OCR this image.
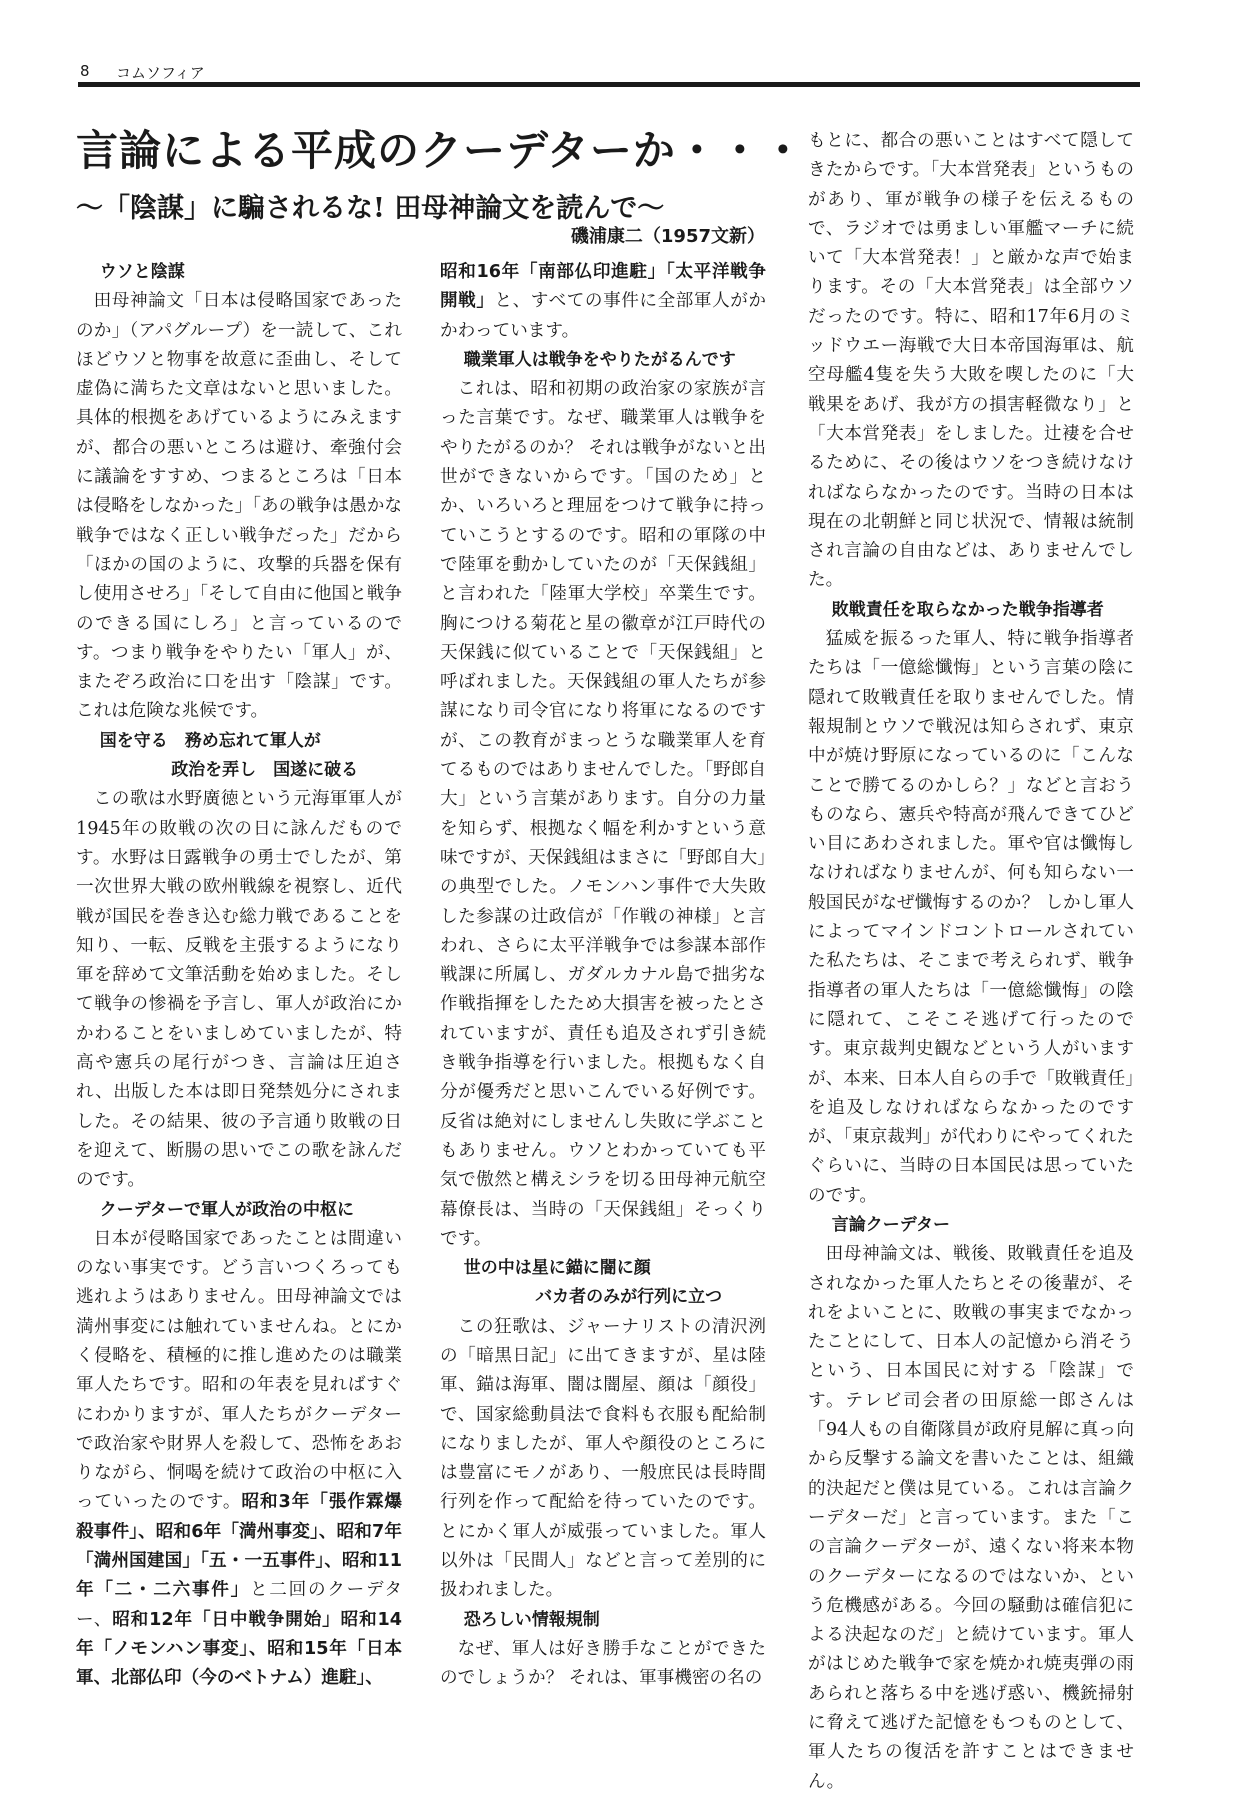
8 コムソフィア
言論による平成のクーデターか・・・
～「陰謀」に騙されるな! 田母神論文を読んで～
磯浦康二（1957文新）
ウソと陰謀

田母神論文「日本は侵略国家であったのか」（アパグループ）を一読して、これほどウソと物事を故意に歪曲し、そして虚偽に満ちた文章はないと思いました。具体的根拠をあげているようにみえますが、都合の悪いところは避け、牽強付会に議論をすすめ、つまるところは「日本は侵略をしなかった」「あの戦争は愚かな戦争ではなく正しい戦争だった」だから「ほかの国のように、攻撃的兵器を保有し使用させろ」「そして自由に他国と戦争のできる国にしろ」と言っているのです。つまり戦争をやりたい「軍人」が、またぞろ政治に口を出す「陰謀」です。これは危険な兆候です。

国を守る　務め忘れて軍人が
政治を弄し　国遂に破る

この歌は水野廣徳という元海軍軍人が1945年の敗戦の次の日に詠んだものです。水野は日露戦争の勇士でしたが、第一次世界大戦の欧州戦線を視察し、近代戦が国民を巻き込む総力戦であることを知り、一転、反戦を主張するようになり軍を辞めて文筆活動を始めました。そして戦争の惨禍を予言し、軍人が政治にかかわることをいましめていましたが、特高や憲兵の尾行がつき、言論は圧迫され、出版した本は即日発禁処分にされました。その結果、彼の予言通り敗戦の日を迎えて、断腸の思いでこの歌を詠んだのです。

クーデターで軍人が政治の中枢に

日本が侵略国家であったことは間違いのない事実です。どう言いつくろっても逃れようはありません。田母神論文では満州事変には触れていませんね。とにかく侵略を、積極的に推し進めたのは職業軍人たちです。昭和の年表を見ればすぐにわかりますが、軍人たちがクーデターで政治家や財界人を殺して、恐怖をあおりながら、恫喝を続けて政治の中枢に入っていったのです。昭和3年「張作霖爆殺事件」、昭和6年「満州事変」、昭和7年「満州国建国」「五・一五事件」、昭和11年「二・二六事件」と二回のクーデター、昭和12年「日中戦争開始」昭和14年「ノモンハン事変」、昭和15年「日本軍、北部仏印（今のベトナム）進駐」、

昭和16年「南部仏印進駐」「太平洋戦争開戦」と、すべての事件に全部軍人がかかわっています。

職業軍人は戦争をやりたがるんです

これは、昭和初期の政治家の家族が言った言葉です。なぜ、職業軍人は戦争をやりたがるのか？ それは戦争がないと出世ができないからです。「国のため」とか、いろいろと理屈をつけて戦争に持っていこうとするのです。昭和の軍隊の中で陸軍を動かしていたのが「天保銭組」と言われた「陸軍大学校」卒業生です。胸につける菊花と星の徽章が江戸時代の天保銭に似ていることで「天保銭組」と呼ばれました。天保銭組の軍人たちが参謀になり司令官になり将軍になるのですが、この教育がまっとうな職業軍人を育てるものではありませんでした。「野郎自大」という言葉があります。自分の力量を知らず、根拠なく幅を利かすという意味ですが、天保銭組はまさに「野郎自大」の典型でした。ノモンハン事件で大失敗した参謀の辻政信が「作戦の神様」と言われ、さらに太平洋戦争では参謀本部作戦課に所属し、ガダルカナル島で拙劣な作戦指揮をしたため大損害を被ったとされていますが、責任も追及されず引き続き戦争指導を行いました。根拠もなく自分が優秀だと思いこんでいる好例です。反省は絶対にしませんし失敗に学ぶこともありません。ウソとわかっていても平気で傲然と構えシラを切る田母神元航空幕僚長は、当時の「天保銭組」そっくりです。

世の中は星に錨に闇に顔
バカ者のみが行列に立つ

この狂歌は、ジャーナリストの清沢洌の「暗黒日記」に出てきますが、星は陸軍、錨は海軍、闇は闇屋、顔は「顔役」で、国家総動員法で食料も衣服も配給制になりましたが、軍人や顔役のところには豊富にモノがあり、一般庶民は長時間行列を作って配給を待っていたのです。とにかく軍人が威張っていました。軍人以外は「民間人」などと言って差別的に扱われました。

恐ろしい情報規制

なぜ、軍人は好き勝手なことができたのでしょうか？ それは、軍事機密の名の

もとに、都合の悪いことはすべて隠してきたからです。「大本営発表」というものがあり、軍が戦争の様子を伝えるもので、ラジオでは勇ましい軍艦マーチに続いて「大本営発表！」と厳かな声で始まります。その「大本営発表」は全部ウソだったのです。特に、昭和17年6月のミッドウエー海戦で大日本帝国海軍は、航空母艦4隻を失う大敗を喫したのに「大戦果をあげ、我が方の損害軽微なり」と「大本営発表」をしました。辻褄を合せるために、その後はウソをつき続けなければならなかったのです。当時の日本は現在の北朝鮮と同じ状況で、情報は統制され言論の自由などは、ありませんでした。

敗戦責任を取らなかった戦争指導者

猛威を振るった軍人、特に戦争指導者たちは「一億総懺悔」という言葉の陰に隠れて敗戦責任を取りませんでした。情報規制とウソで戦況は知らされず、東京中が焼け野原になっているのに「こんなことで勝てるのかしら？」などと言おうものなら、憲兵や特高が飛んできてひどい目にあわされました。軍や官は懺悔しなければなりませんが、何も知らない一般国民がなぜ懺悔するのか？ しかし軍人によってマインドコントロールされていた私たちは、そこまで考えられず、戦争指導者の軍人たちは「一億総懺悔」の陰に隠れて、こそこそ逃げて行ったのです。東京裁判史観などという人がいますが、本来、日本人自らの手で「敗戦責任」を追及しなければならなかったのですが、「東京裁判」が代わりにやってくれたぐらいに、当時の日本国民は思っていたのです。

言論クーデター

田母神論文は、戦後、敗戦責任を追及されなかった軍人たちとその後輩が、それをよいことに、敗戦の事実までなかったことにして、日本人の記憶から消そうという、日本国民に対する「陰謀」です。テレビ司会者の田原総一郎さんは「94人もの自衛隊員が政府見解に真っ向から反撃する論文を書いたことは、組織的決起だと僕は見ている。これは言論クーデターだ」と言っています。また「この言論クーデターが、遠くない将来本物のクーデターになるのではないか、という危機感がある。今回の騒動は確信犯による決起なのだ」と続けています。軍人がはじめた戦争で家を焼かれ焼夷弾の雨あられと落ちる中を逃げ惑い、機銃掃射に脅えて逃げた記憶をもつものとして、軍人たちの復活を許すことはできません。
